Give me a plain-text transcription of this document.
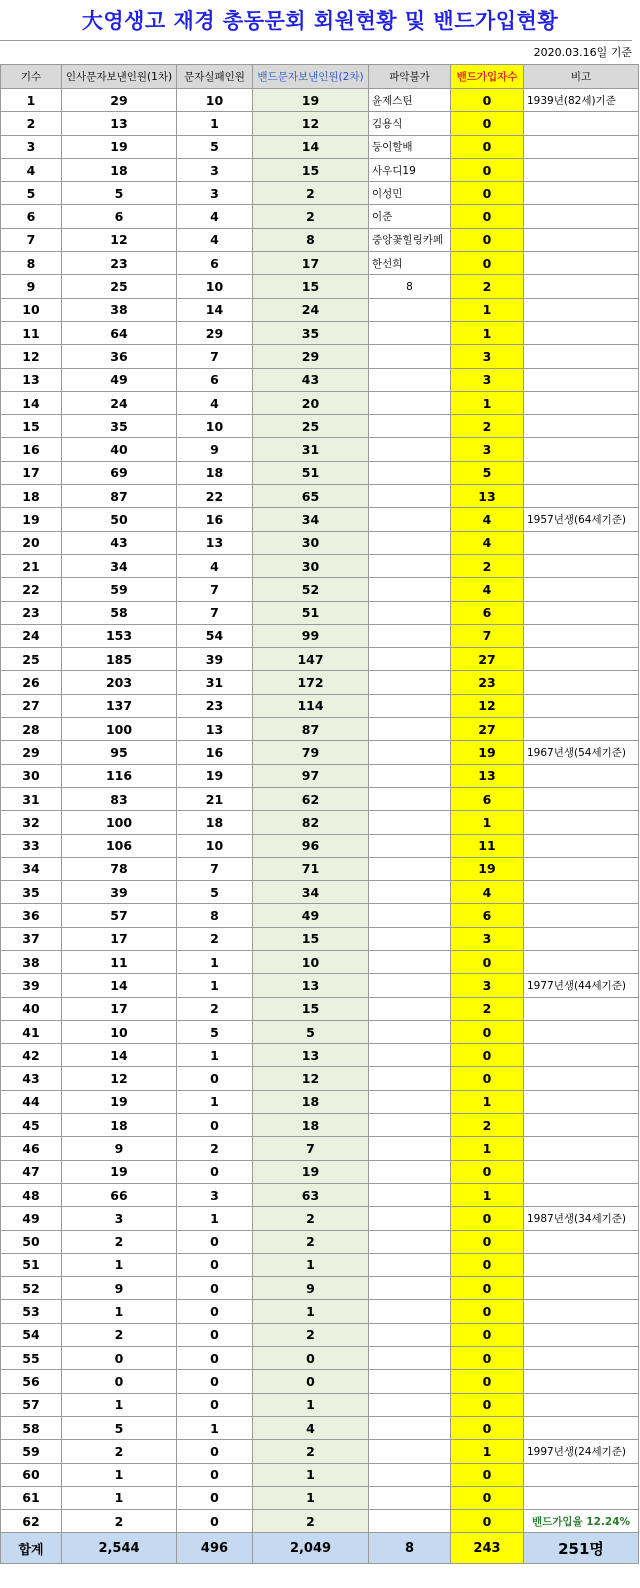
大영생고 재경 총동문회 회원현황 및 밴드가입현황
2020.03.16일 기준
기수	인사문자보낸인원(1차)	문자실패인원	밴드문자보낸인원(2차)	파악불가	밴드가입자수	비고
1	29	10	19	윤제스틴	0	1939년(82세)기준
2	13	1	12	김용식	0	
3	19	5	14	둥이할배	0	
4	18	3	15	사우디19	0	
5	5	3	2	이성민	0	
6	6	4	2	이준	0	
7	12	4	8	중앙꽃힐링카페	0	
8	23	6	17	한선희	0	
9	25	10	15	8	2	
10	38	14	24		1	
11	64	29	35		1	
12	36	7	29		3	
13	49	6	43		3	
14	24	4	20		1	
15	35	10	25		2	
16	40	9	31		3	
17	69	18	51		5	
18	87	22	65		13	
19	50	16	34		4	1957년생(64세기준)
20	43	13	30		4	
21	34	4	30		2	
22	59	7	52		4	
23	58	7	51		6	
24	153	54	99		7	
25	185	39	147		27	
26	203	31	172		23	
27	137	23	114		12	
28	100	13	87		27	
29	95	16	79		19	1967년생(54세기준)
30	116	19	97		13	
31	83	21	62		6	
32	100	18	82		1	
33	106	10	96		11	
34	78	7	71		19	
35	39	5	34		4	
36	57	8	49		6	
37	17	2	15		3	
38	11	1	10		0	
39	14	1	13		3	1977년생(44세기준)
40	17	2	15		2	
41	10	5	5		0	
42	14	1	13		0	
43	12	0	12		0	
44	19	1	18		1	
45	18	0	18		2	
46	9	2	7		1	
47	19	0	19		0	
48	66	3	63		1	
49	3	1	2		0	1987년생(34세기준)
50	2	0	2		0	
51	1	0	1		0	
52	9	0	9		0	
53	1	0	1		0	
54	2	0	2		0	
55	0	0	0		0	
56	0	0	0		0	
57	1	0	1		0	
58	5	1	4		0	
59	2	0	2		1	1997년생(24세기준)
60	1	0	1		0	
61	1	0	1		0	
62	2	0	2		0	밴드가입율 12.24%
합계	2,544	496	2,049	8	243	251명
